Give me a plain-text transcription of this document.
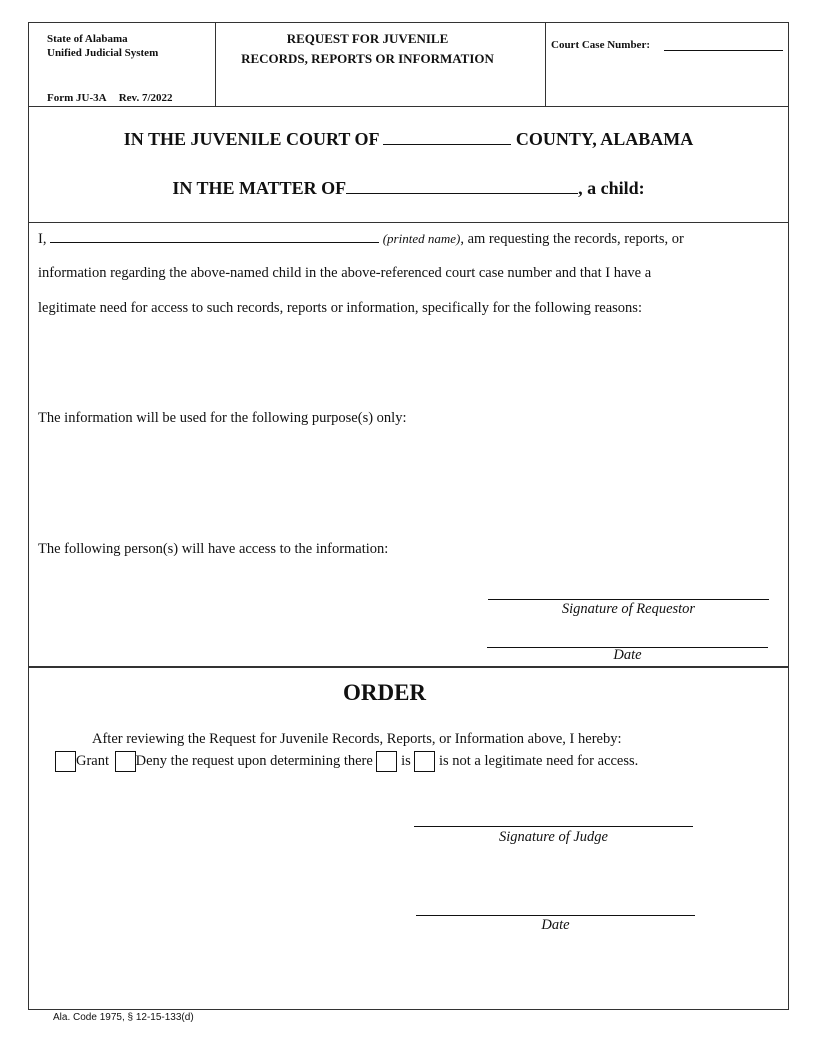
State of Alabama
Unified Judicial System
Form JU-3A Rev. 7/2022
REQUEST FOR JUVENILE
RECORDS, REPORTS OR INFORMATION
Court Case Number:
IN THE JUVENILE COURT OF	COUNTY, ALABAMA
IN THE MATTER OF	, a child:
I,	(printed name), am requesting the records, reports, or
information regarding the above-named child in the above-referenced court case number and that I have a
legitimate need for access to such records, reports or information, specifically for the following reasons:
The information will be used for the following purpose(s) only:
The following person(s) will have access to the information:
Signature of Requestor
Date
ORDER
After reviewing the Request for Juvenile Records, Reports, or Information above, I hereby:
Grant Deny the request upon determining there is is not a legitimate need for access.
Signature of Judge
Date
Ala. Code 1975, § 12-15-133(d)
